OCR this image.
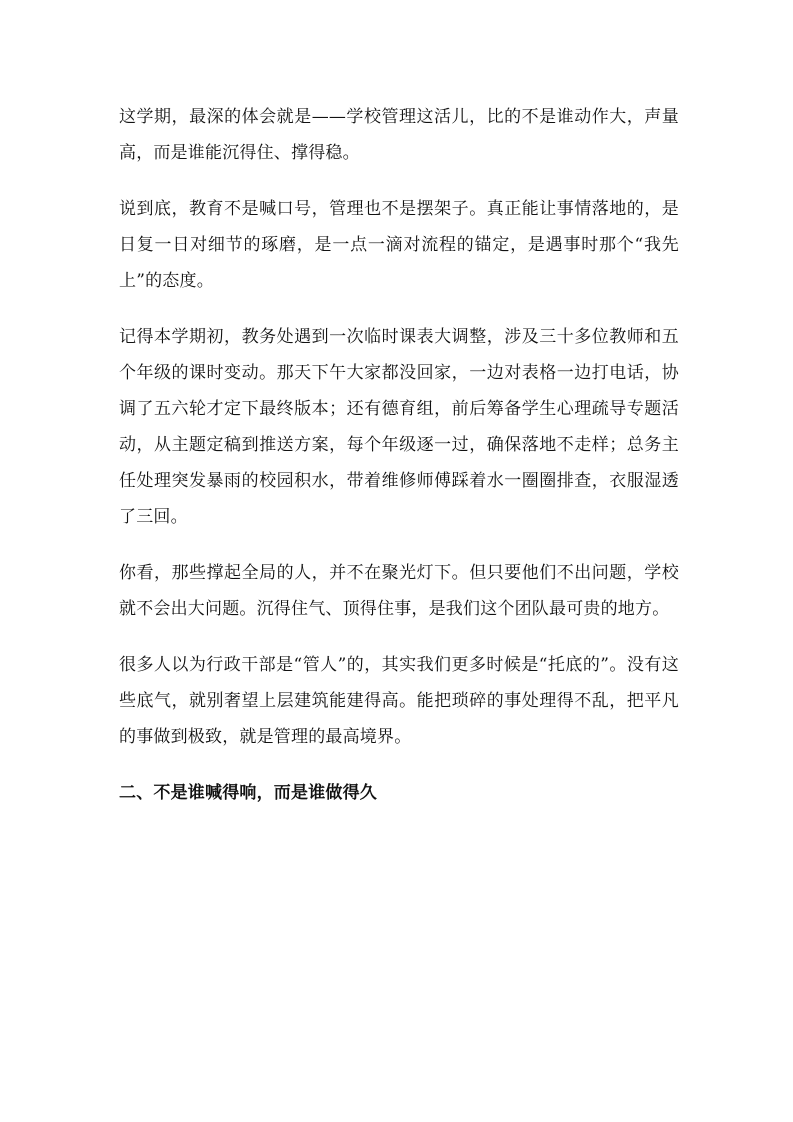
这学期，最深的体会就是——学校管理这活儿，比的不是谁动作大，声量高，而是谁能沉得住、撑得稳。

说到底，教育不是喊口号，管理也不是摆架子。真正能让事情落地的，是日复一日对细节的琢磨，是一点一滴对流程的锚定，是遇事时那个“我先上”的态度。

记得本学期初，教务处遇到一次临时课表大调整，涉及三十多位教师和五个年级的课时变动。那天下午大家都没回家，一边对表格一边打电话，协调了五六轮才定下最终版本；还有德育组，前后筹备学生心理疏导专题活动，从主题定稿到推送方案，每个年级逐一过，确保落地不走样；总务主任处理突发暴雨的校园积水，带着维修师傅踩着水一圈圈排查，衣服湿透了三回。

你看，那些撑起全局的人，并不在聚光灯下。但只要他们不出问题，学校就不会出大问题。沉得住气、顶得住事，是我们这个团队最可贵的地方。

很多人以为行政干部是“管人”的，其实我们更多时候是“托底的”。没有这些底气，就别奢望上层建筑能建得高。能把琐碎的事处理得不乱，把平凡的事做到极致，就是管理的最高境界。

二、不是谁喊得响，而是谁做得久
